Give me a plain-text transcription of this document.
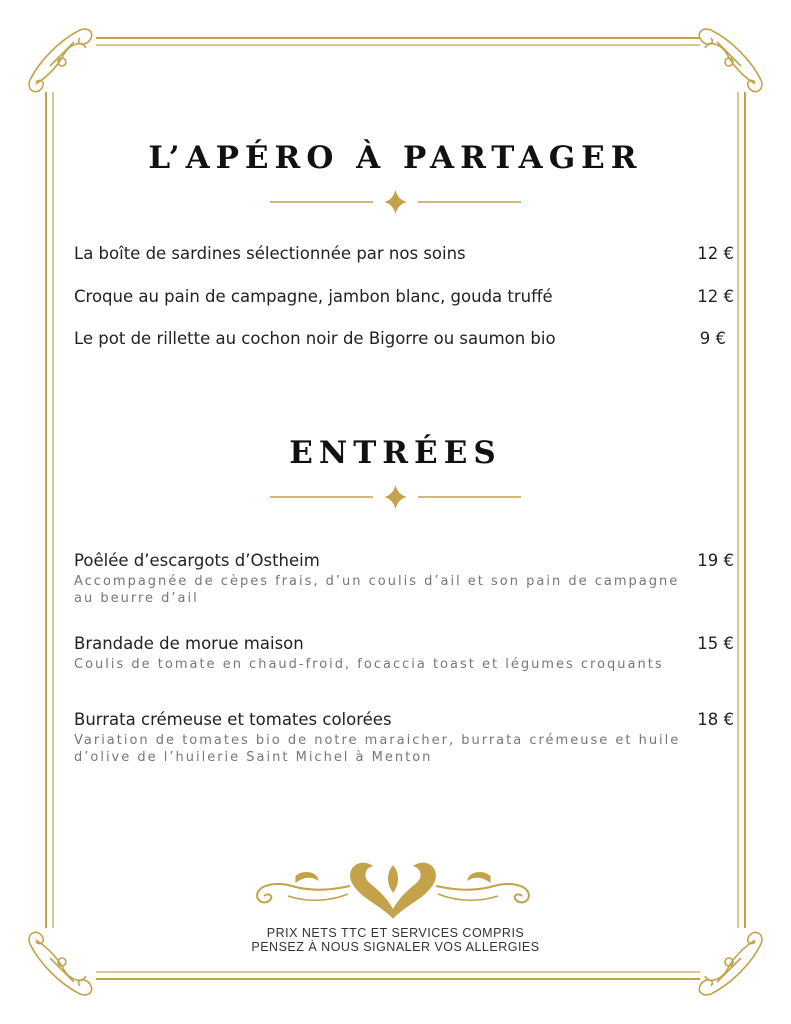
L’APÉRO À PARTAGER
La boîte de sardines sélectionnée par nos soins	12 €
Croque au pain de campagne, jambon blanc, gouda truffé	12 €
Le pot de rillette au cochon noir de Bigorre ou saumon bio	9 €
ENTRÉES
Poêlée d’escargots d’Ostheim	19 €
Accompagnée de cèpes frais, d’un coulis d’ail et son pain de campagne au beurre d’ail
Brandade de morue maison	15 €
Coulis de tomate en chaud-froid, focaccia toast et légumes croquants
Burrata crémeuse et tomates colorées	18 €
Variation de tomates bio de notre maraicher, burrata crémeuse et huile d’olive de l’huilerie Saint Michel à Menton
PRIX NETS TTC ET SERVICES COMPRIS
PENSEZ À NOUS SIGNALER VOS ALLERGIES
